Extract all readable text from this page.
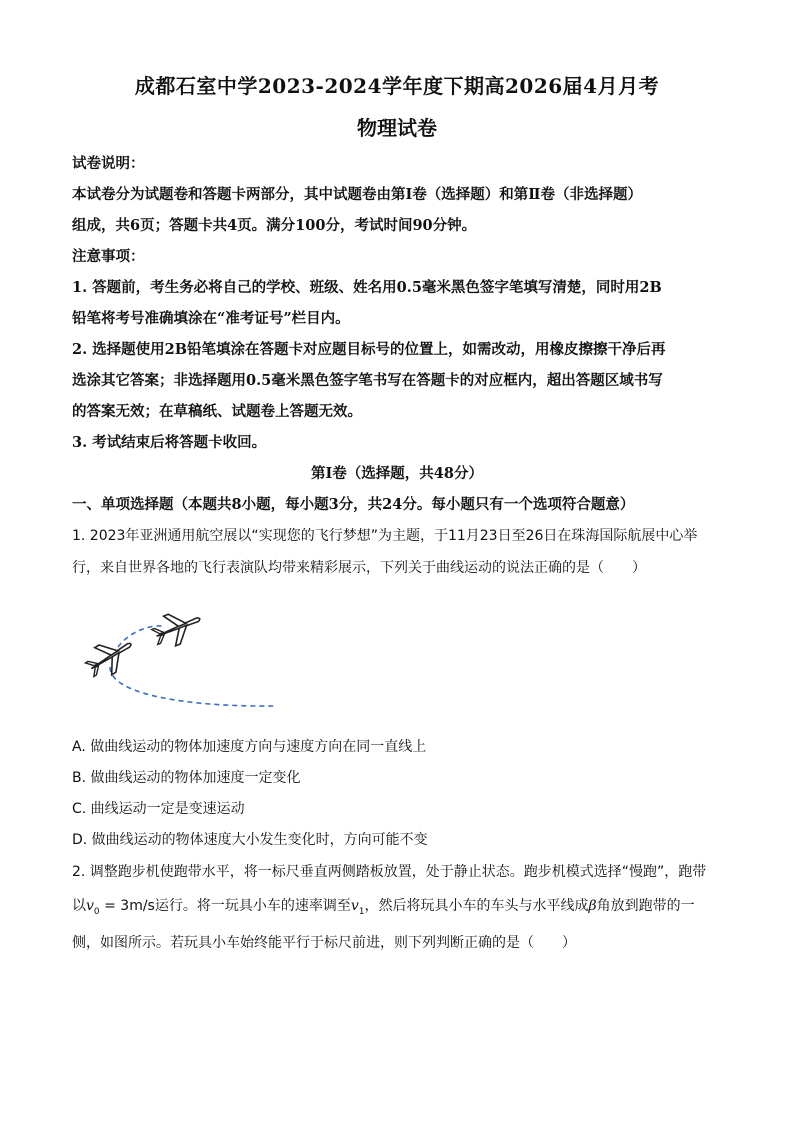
成都石室中学2023-2024学年度下期高2026届4月月考
物理试卷
试卷说明：
本试卷分为试题卷和答题卡两部分，其中试题卷由第Ⅰ卷（选择题）和第Ⅱ卷（非选择题）
组成，共6页；答题卡共4页。满分100分，考试时间90分钟。
注意事项：
1. 答题前，考生务必将自己的学校、班级、姓名用0.5毫米黑色签字笔填写清楚，同时用2B
铅笔将考号准确填涂在“准考证号”栏目内。
2. 选择题使用2B铅笔填涂在答题卡对应题目标号的位置上，如需改动，用橡皮擦擦干净后再
选涂其它答案；非选择题用0.5毫米黑色签字笔书写在答题卡的对应框内，超出答题区域书写
的答案无效；在草稿纸、试题卷上答题无效。
3. 考试结束后将答题卡收回。
第Ⅰ卷（选择题，共48分）
一、单项选择题（本题共8小题，每小题3分，共24分。每小题只有一个选项符合题意）
1. 2023年亚洲通用航空展以“实现您的飞行梦想”为主题，于11月23日至26日在珠海国际航展中心举
行，来自世界各地的飞行表演队均带来精彩展示，下列关于曲线运动的说法正确的是（　　）
A. 做曲线运动的物体加速度方向与速度方向在同一直线上
B. 做曲线运动的物体加速度一定变化
C. 曲线运动一定是变速运动
D. 做曲线运动的物体速度大小发生变化时，方向可能不变
2. 调整跑步机使跑带水平，将一标尺垂直两侧踏板放置，处于静止状态。跑步机模式选择“慢跑”，跑带
以$v_0 = 3m/s$运行。将一玩具小车的速率调至$v_1$，然后将玩具小车的车头与水平线成β角放到跑带的一
侧，如图所示。若玩具小车始终能平行于标尺前进，则下列判断正确的是（　　）
